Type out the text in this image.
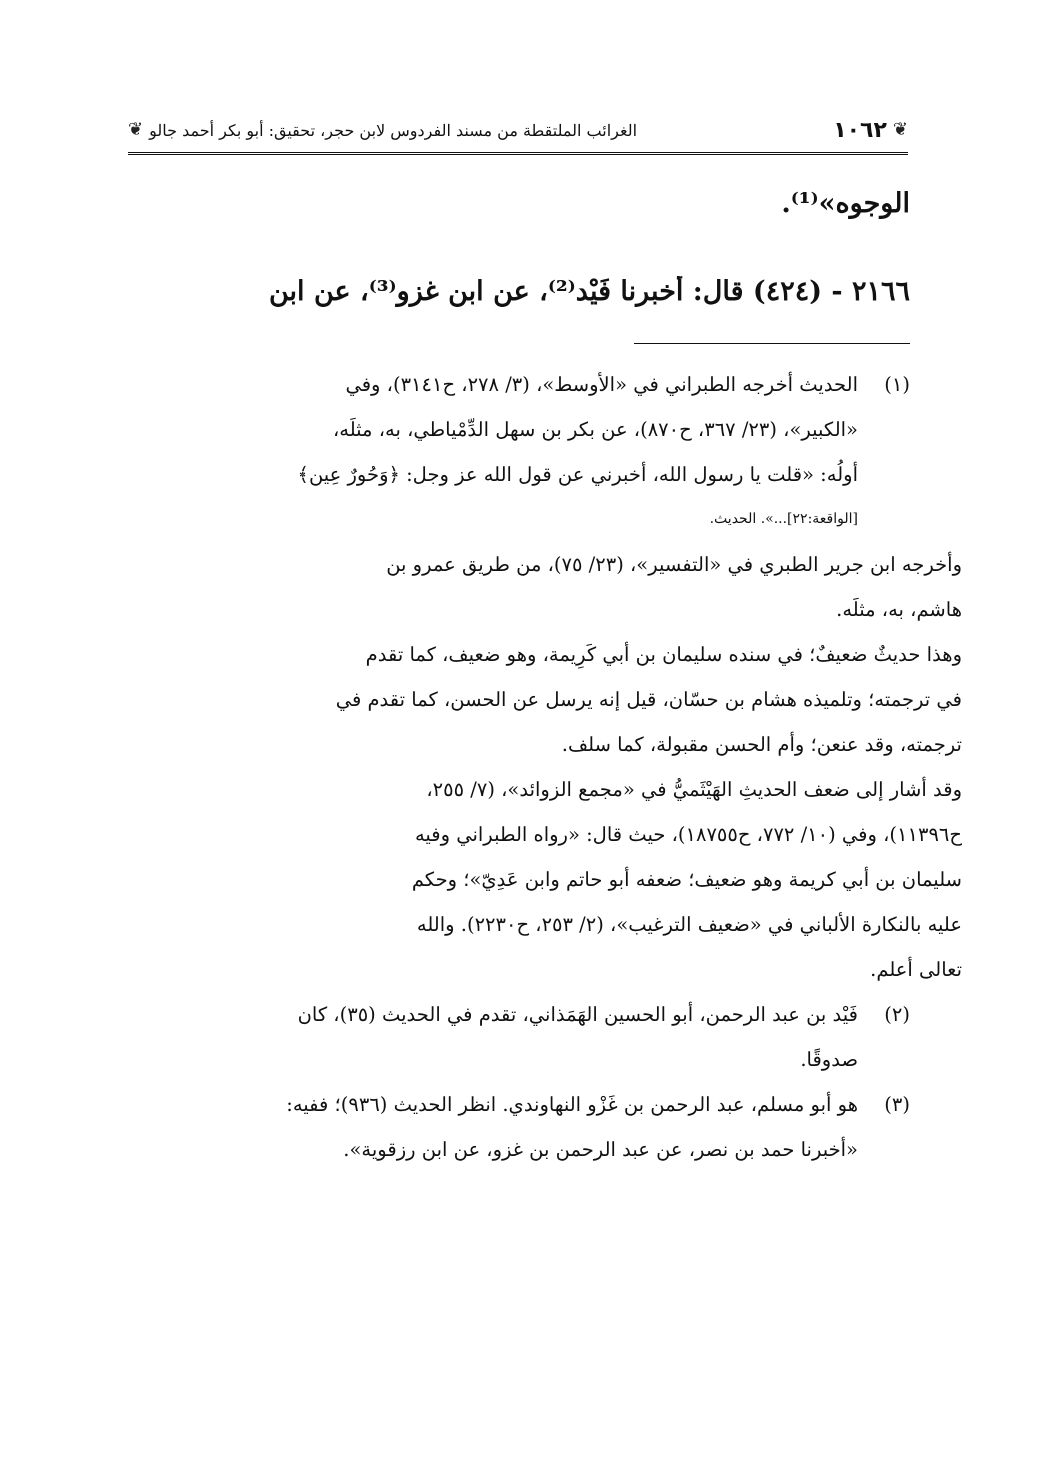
❦
١٠٦٢
الغرائب الملتقطة من مسند الفردوس لابن حجر، تحقيق: أبو بكر أحمد جالو
❦
الوجوه»⁽¹⁾.
٢١٦٦ - (٤٢٤) قال: أخبرنا فَيْد⁽²⁾، عن ابن غزو⁽³⁾، عن ابن
(١)
الحديث أخرجه الطبراني في «الأوسط»، (٣/ ٢٧٨، ح٣١٤١)، وفي
«الكبير»، (٢٣/ ٣٦٧، ح٨٧٠)، عن بكر بن سهل الدِّمْياطي، به، مثلَه،
أولُه: «قلت يا رسول الله، أخبرني عن قول الله عز وجل: ﴿وَحُورٌ عِين﴾
[الواقعة:٢٢]...». الحديث.
وأخرجه ابن جرير الطبري في «التفسير»، (٢٣/ ٧٥)، من طريق عمرو بن
هاشم، به، مثلَه.
وهذا حديثٌ ضعيفٌ؛ في سنده سليمان بن أبي كَرِيمة، وهو ضعيف، كما تقدم
في ترجمته؛ وتلميذه هشام بن حسّان، قيل إنه يرسل عن الحسن، كما تقدم في
ترجمته، وقد عنعن؛ وأم الحسن مقبولة، كما سلف.
وقد أشار إلى ضعف الحديثِ الهَيْثَميُّ في «مجمع الزوائد»، (٧/ ٢٥٥،
ح١١٣٩٦)، وفي (١٠/ ٧٧٢، ح١٨٧٥٥)، حيث قال: «رواه الطبراني وفيه
سليمان بن أبي كريمة وهو ضعيف؛ ضعفه أبو حاتم وابن عَدِيّ»؛ وحكم
عليه بالنكارة الألباني في «ضعيف الترغيب»، (٢/ ٢٥٣، ح٢٢٣٠). والله
تعالى أعلم.
(٢)
فَيْد بن عبد الرحمن، أبو الحسين الهَمَذاني، تقدم في الحديث (٣٥)، كان
صدوقًا.
(٣)
هو أبو مسلم، عبد الرحمن بن غَزْو النهاوندي. انظر الحديث (٩٣٦)؛ ففيه:
«أخبرنا حمد بن نصر، عن عبد الرحمن بن غزو، عن ابن رزقوية».
